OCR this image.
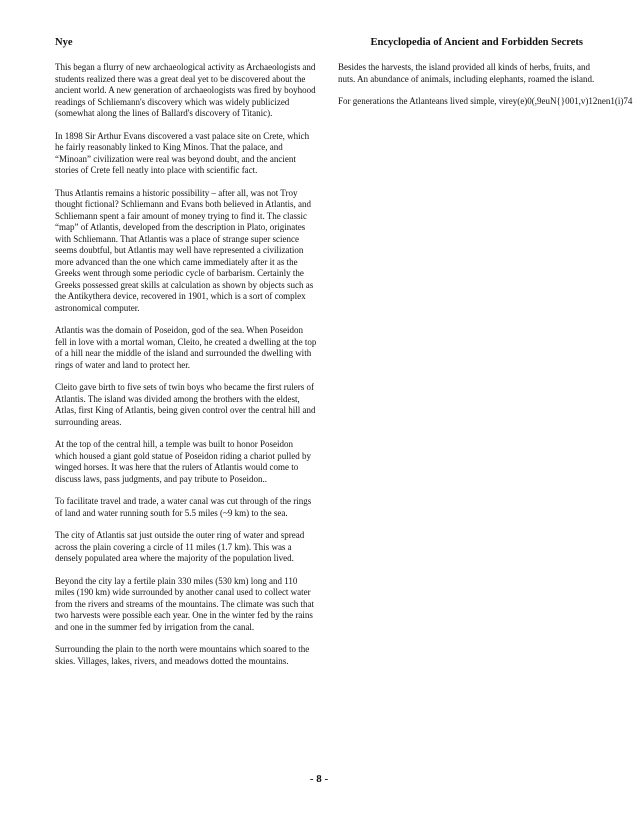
Nye	Encyclopedia of Ancient and Forbidden Secrets

This began a flurry of new archaeological activity as Archaeologists and students realized there was a great deal yet to be discovered about the ancient world. A new generation of archaeologists was fired by boyhood readings of Schliemann's discovery which was widely publicized (somewhat along the lines of Ballard's discovery of Titanic).

In 1898 Sir Arthur Evans discovered a vast palace site on Crete, which he fairly reasonably linked to King Minos. That the palace, and “Minoan” civilization were real was beyond doubt, and the ancient stories of Crete fell neatly into place with scientific fact.

Thus Atlantis remains a historic possibility – after all, was not Troy thought fictional? Schliemann and Evans both believed in Atlantis, and Schliemann spent a fair amount of money trying to find it. The classic “map” of Atlantis, developed from the description in Plato, originates with Schliemann. That Atlantis was a place of strange super science seems doubtful, but Atlantis may well have represented a civilization more advanced than the one which came immediately after it as the Greeks went through some periodic cycle of barbarism. Certainly the Greeks possessed great skills at calculation as shown by objects such as the Antikythera device, recovered in 1901, which is a sort of complex astronomical computer.

Atlantis was the domain of Poseidon, god of the sea. When Poseidon fell in love with a mortal woman, Cleito, he created a dwelling at the top of a hill near the middle of the island and surrounded the dwelling with rings of water and land to protect her.

Cleito gave birth to five sets of twin boys who became the first rulers of Atlantis. The island was divided among the brothers with the eldest, Atlas, first King of Atlantis, being given control over the central hill and surrounding areas.

At the top of the central hill, a temple was built to honor Poseidon which housed a giant gold statue of Poseidon riding a chariot pulled by winged horses. It was here that the rulers of Atlantis would come to discuss laws, pass judgments, and pay tribute to Poseidon..

To facilitate travel and trade, a water canal was cut through of the rings of land and water running south for 5.5 miles (~9 km) to the sea.

The city of Atlantis sat just outside the outer ring of water and spread across the plain covering a circle of 11 miles (1.7 km). This was a densely populated area where the majority of the population lived.

Beyond the city lay a fertile plain 330 miles (530 km) long and 110 miles (190 km) wide surrounded by another canal used to collect water from the rivers and streams of the mountains. The climate was such that two harvests were possible each year. One in the winter fed by the rains and one in the summer fed by irrigation from the canal.

Surrounding the plain to the north were mountains which soared to the skies. Villages, lakes, rivers, and meadows dotted the mountains.

Besides the harvests, the island provided all kinds of herbs, fruits, and nuts. An abundance of animals, including elephants, roamed the island.

For generations the Atlanteans lived simple, virey(e)0(,9euN{}001,v)12nen1(i)74

- 8 -
